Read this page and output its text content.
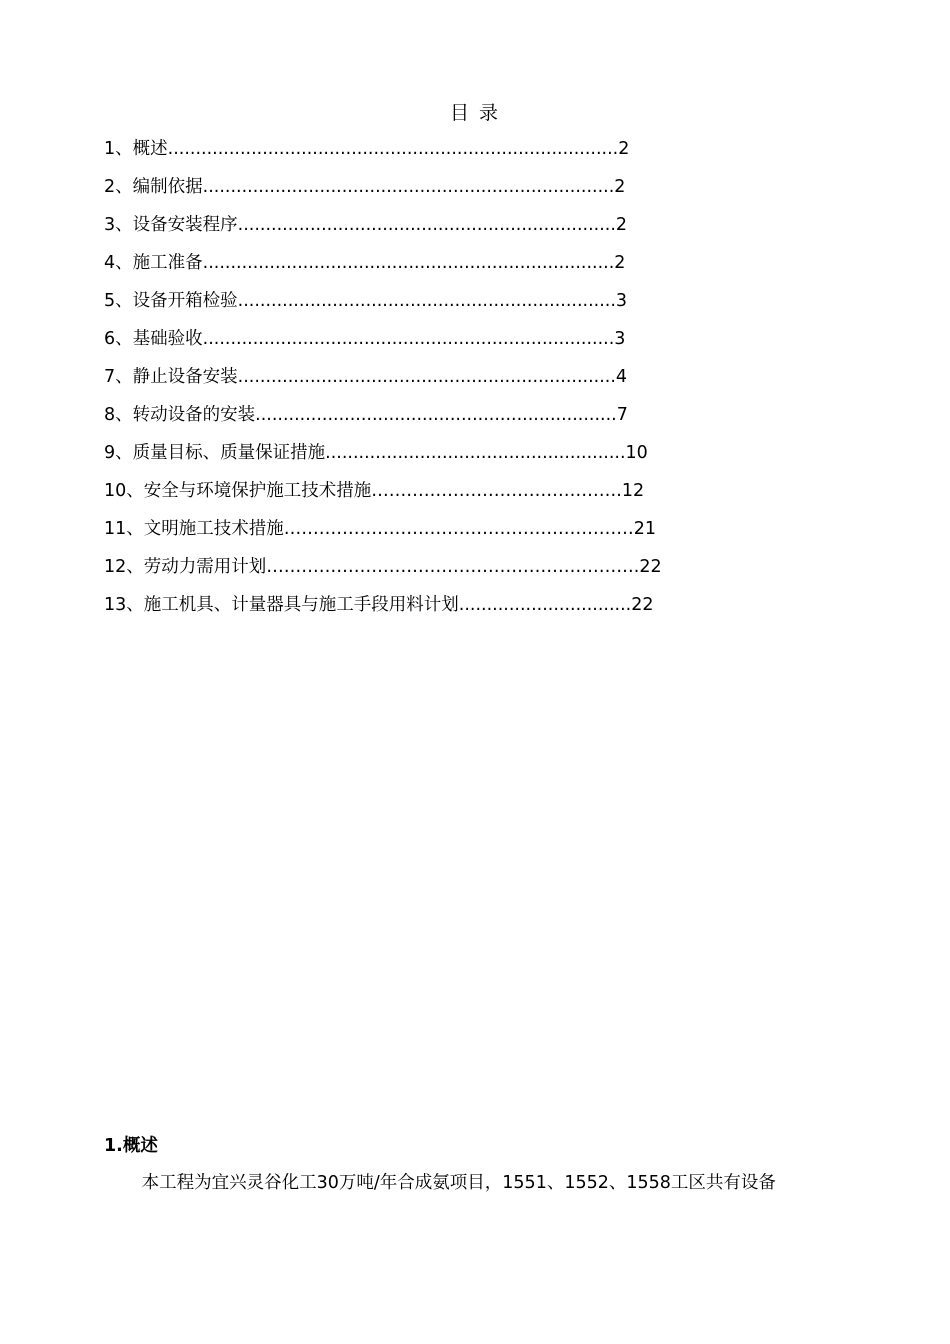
目 录
1、概述.................................................................................2
2、编制依据..........................................................................2
3、设备安装程序....................................................................2
4、施工准备..........................................................................2
5、设备开箱检验....................................................................3
6、基础验收..........................................................................3
7、静止设备安装....................................................................4
8、转动设备的安装.................................................................7
9、质量目标、质量保证措施......................................................10
10、安全与环境保护施工技术措施…………………………………….12
11、文明施工技术措施……………………………………………………21
12、劳动力需用计划……………………………………………………….22
13、施工机具、计量器具与施工手段用料计划...............................22
1.概述
本工程为宜兴灵谷化工30万吨/年合成氨项目，1551、1552、1558工区共有设备
